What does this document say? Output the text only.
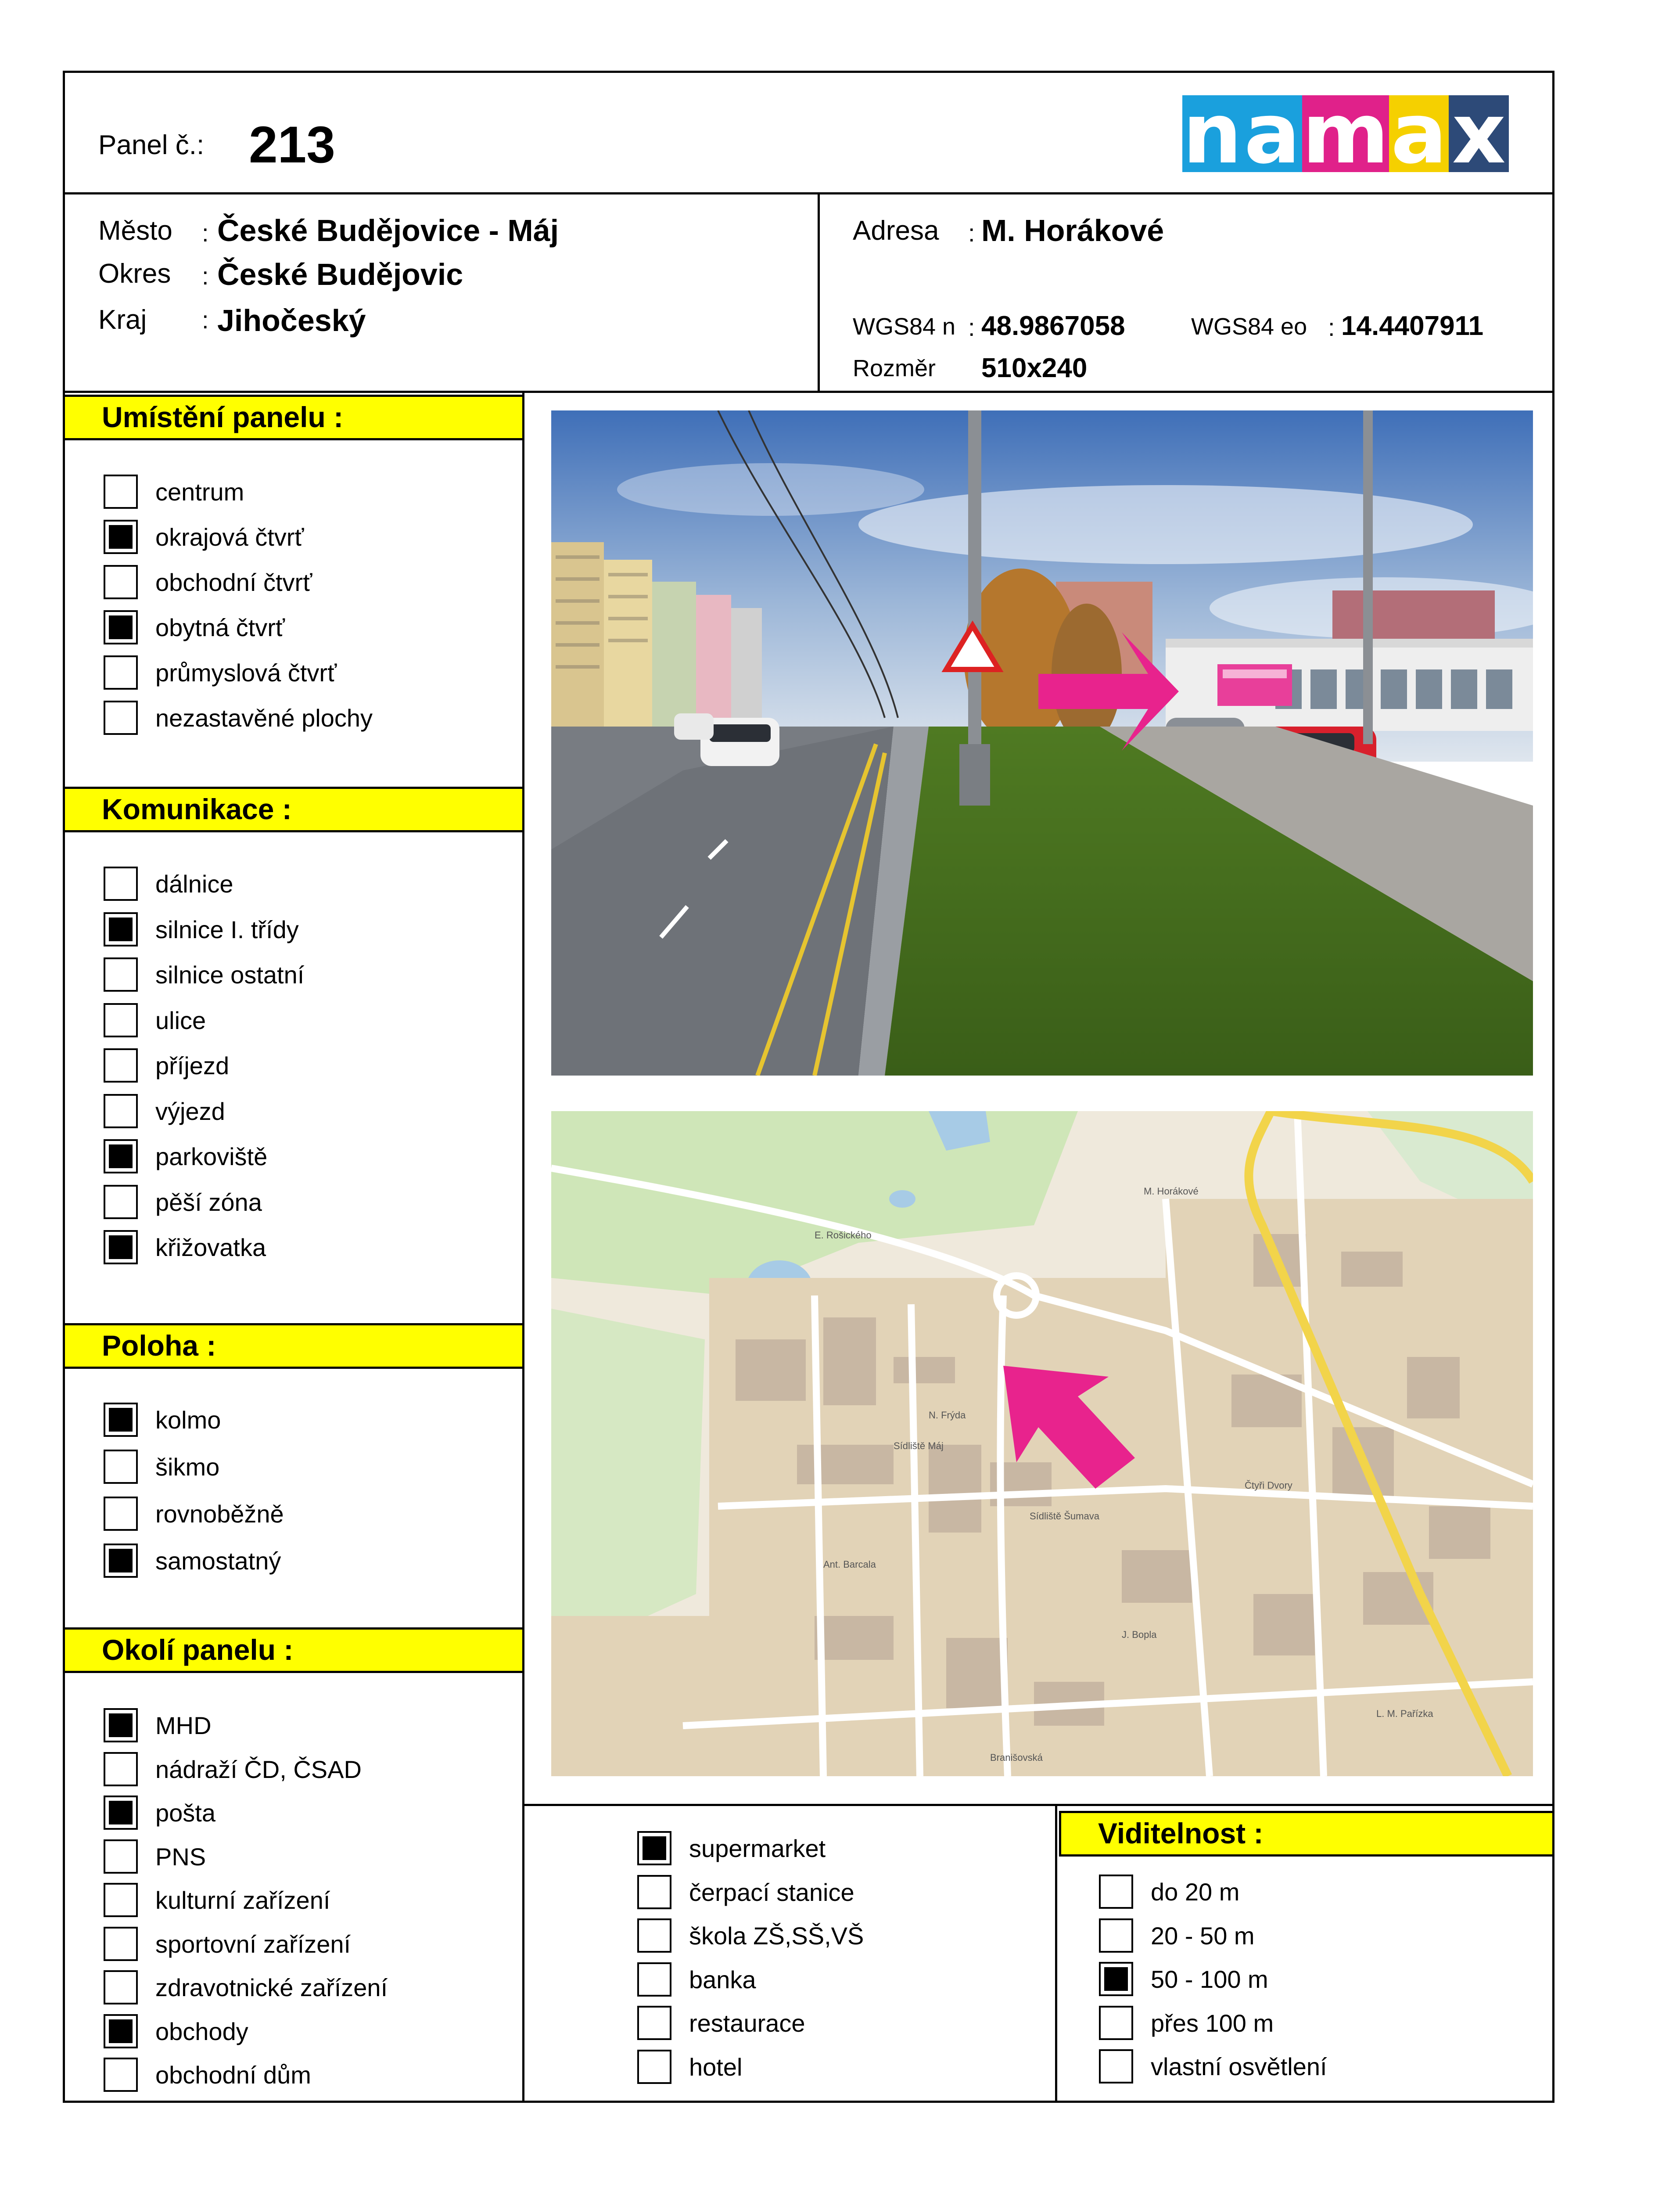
Panel č.: 213	n a m a x
Město : České Budějovice - Máj
Okres : České Budějovic
Kraj : Jihočeský
Adresa : M. Horákové
WGS84 n : 48.9867058	WGS84 eo : 14.4407911
Rozměr 510x240
Umístění panelu :
Komunikace :
Poloha :
Okolí panelu :
Viditelnost :
centrum
okrajová čtvrť
obchodní čtvrť
obytná čtvrť
průmyslová čtvrť
nezastavěné plochy
dálnice
silnice I. třídy
silnice ostatní
ulice
příjezd
výjezd
parkoviště
pěší zóna
křižovatka
kolmo
šikmo
rovnoběžně
samostatný
MHD
nádraží ČD, ČSAD
pošta
PNS
kulturní zařízení
sportovní zařízení
zdravotnické zařízení
obchody
obchodní dům
supermarket
čerpací stanice
škola ZŠ,SŠ,VŠ
banka
restaurace
hotel
do 20 m
20 - 50 m
50 - 100 m
přes 100 m
vlastní osvětlení
Sídliště Máj
Sídliště Šumava
Čtyři Dvory
M. Horákové
E. Rošického
N. Frýda
Ant. Barcala
J. Bopla
Branišovská
L. M. Pařízka
